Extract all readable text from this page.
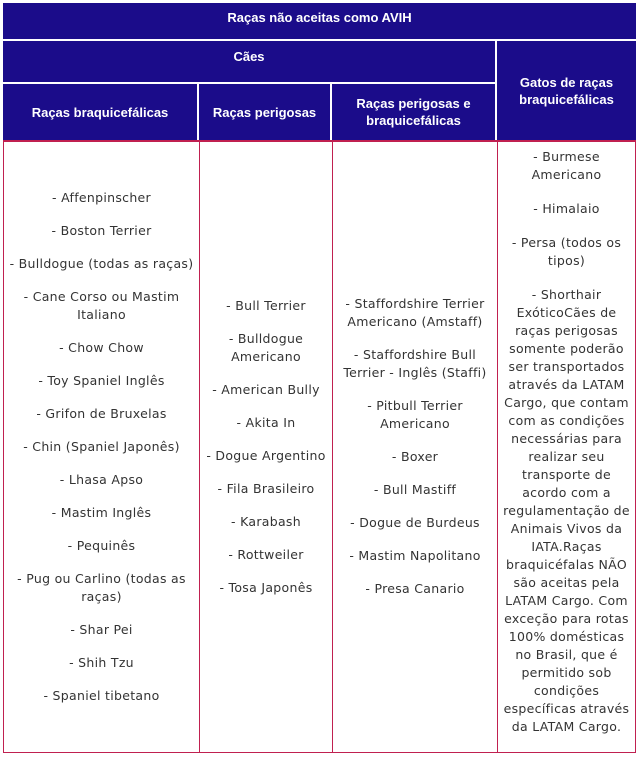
Raças não aceitas como AVIH
Cães
Gatos de raças braquicefálicas
Raças braquicefálicas	Raças perigosas
Raças perigosas e braquicefálicas
- Affenpinscher
- Boston Terrier
- Bulldogue (todas as raças)
- Cane Corso ou Mastim Italiano
- Chow Chow
- Toy Spaniel Inglês
- Grifon de Bruxelas
- Chin (Spaniel Japonês)
- Lhasa Apso
- Mastim Inglês
- Pequinês
- Pug ou Carlino (todas as raças)
- Shar Pei
- Shih Tzu
- Spaniel tibetano
- Bull Terrier
- Bulldogue Americano
- American Bully
- Akita In
- Dogue Argentino
- Fila Brasileiro
- Karabash
- Rottweiler
- Tosa Japonês
- Staffordshire Terrier Americano (Amstaff)
- Staffordshire Bull Terrier - Inglês (Staffi)
- Pitbull Terrier Americano
- Boxer
- Bull Mastiff
- Dogue de Burdeus
- Mastim Napolitano
- Presa Canario
- Burmese Americano
- Himalaio
- Persa (todos os tipos)
- Shorthair ExóticoCães de raças perigosas somente poderão ser transportados através da LATAM Cargo, que contam com as condições necessárias para realizar seu transporte de acordo com a regulamentação de Animais Vivos da IATA.Raças braquicéfalas NÃO são aceitas pela LATAM Cargo. Com exceção para rotas 100% domésticas no Brasil, que é permitido sob condições específicas através da LATAM Cargo.
